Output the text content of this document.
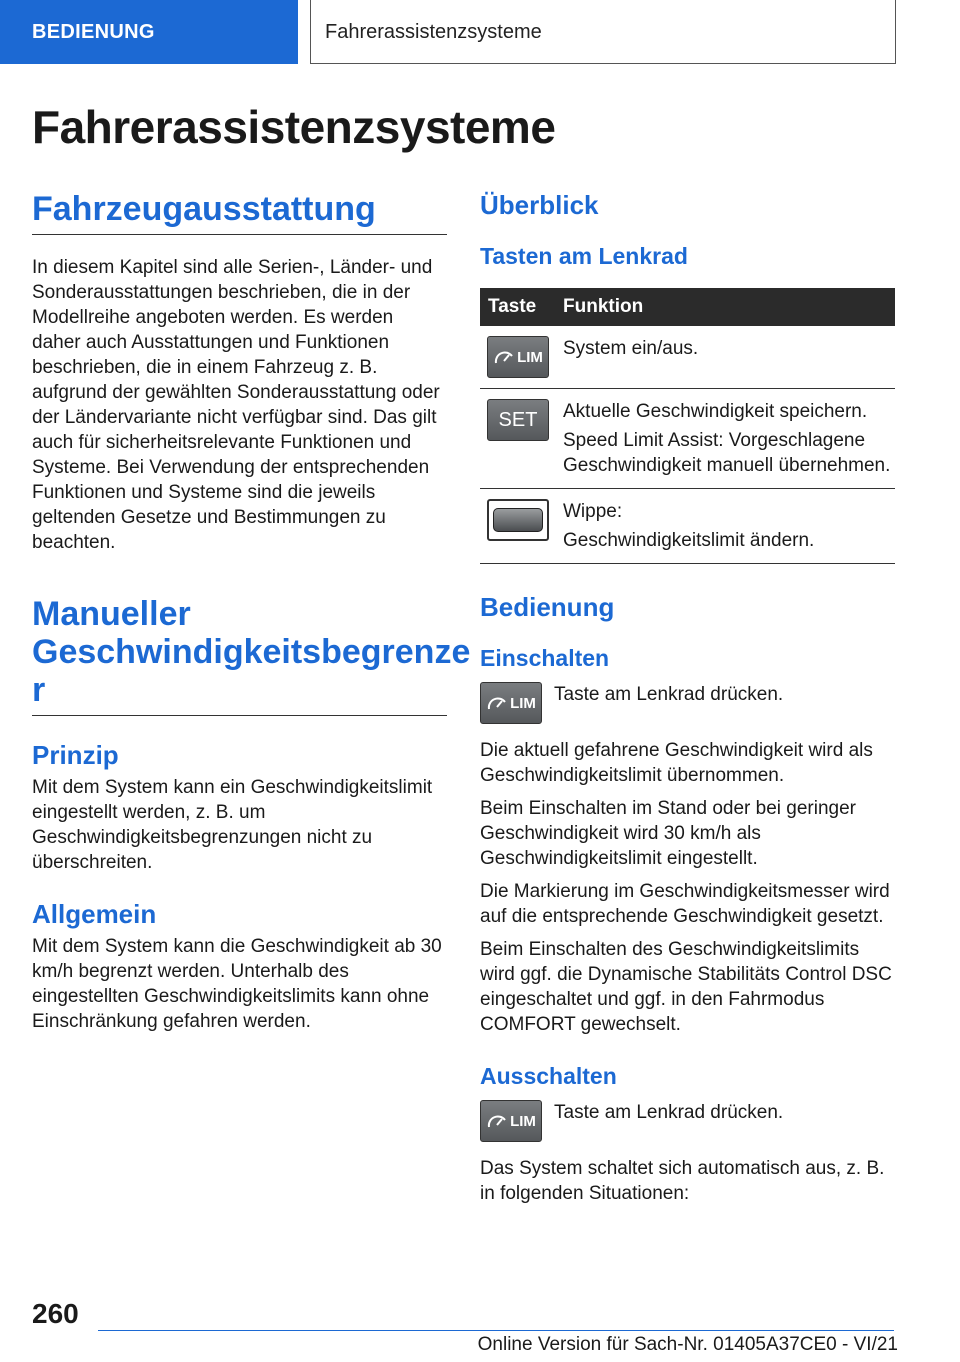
BEDIENUNG	Fahrerassistenzsysteme
Fahrerassistenzsysteme
Fahrzeugausstattung

In diesem Kapitel sind alle Serien-, Länder- und Sonderausstattungen beschrieben, die in der Modellreihe angeboten werden. Es werden daher auch Ausstattungen und Funktionen beschrieben, die in einem Fahrzeug z. B. aufgrund der gewählten Sonderausstattung oder der Ländervariante nicht verfügbar sind. Das gilt auch für sicherheitsrelevante Funktionen und Systeme. Bei Verwendung der entsprechenden Funktionen und Systeme sind die jeweils geltenden Gesetze und Bestimmungen zu beachten.

Manueller
Geschwindigkeitsbegrenze
r
Prinzip

Mit dem System kann ein Geschwindigkeitslimit eingestellt werden, z. B. um Geschwindigkeitsbegrenzungen nicht zu überschreiten.

Allgemein

Mit dem System kann die Geschwindigkeit ab 30 km/h begrenzt werden. Unterhalb des eingestellten Geschwindigkeitslimits kann ohne Einschränkung gefahren werden.

Überblick
Tasten am Lenkrad
Taste	Funktion

LIM	System ein/aus.

SET	Aktuelle Geschwindigkeit speichern.
Speed Limit Assist: Vorgeschlagene Geschwindigkeit manuell übernehmen.

	Wippe:
Geschwindigkeitslimit ändern.
Bedienung
Einschalten
LIM Taste am Lenkrad drücken.

Die aktuell gefahrene Geschwindigkeit wird als Geschwindigkeitslimit übernommen.

Beim Einschalten im Stand oder bei geringer Geschwindigkeit wird 30 km/h als Geschwindigkeitslimit eingestellt.

Die Markierung im Geschwindigkeitsmesser wird auf die entsprechende Geschwindigkeit gesetzt.

Beim Einschalten des Geschwindigkeitslimits wird ggf. die Dynamische Stabilitäts Control DSC eingeschaltet und ggf. in den Fahrmodus COMFORT gewechselt.

Ausschalten
LIM Taste am Lenkrad drücken.

Das System schaltet sich automatisch aus, z. B. in folgenden Situationen:

260
Online Version für Sach-Nr. 01405A37CE0 - VI/21
